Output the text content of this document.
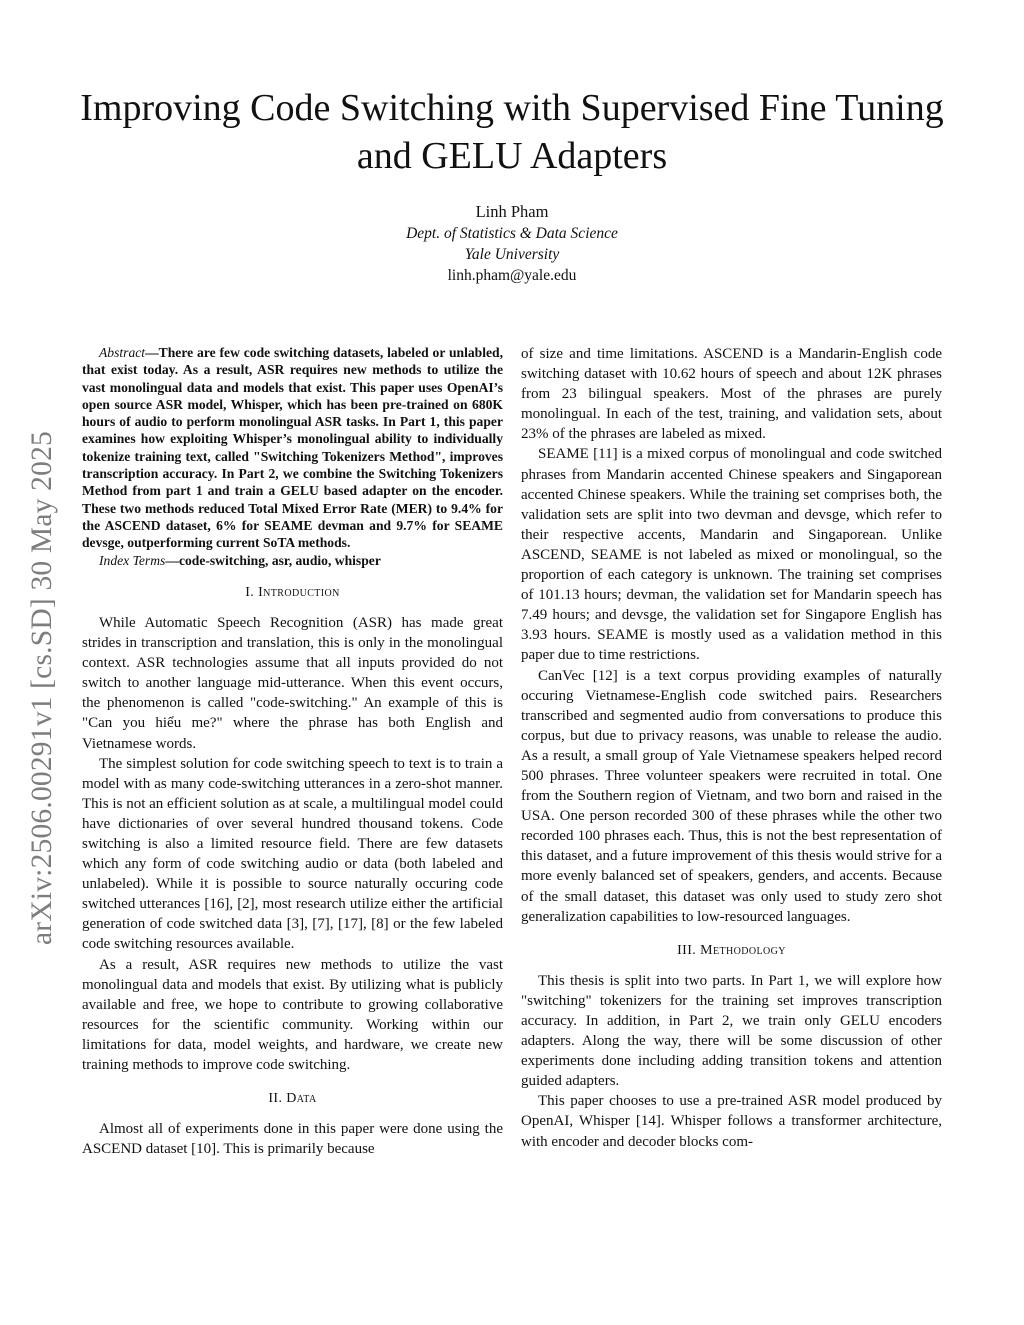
Improving Code Switching with Supervised Fine Tuning and GELU Adapters
Linh Pham
Dept. of Statistics & Data Science
Yale University
linh.pham@yale.edu
arXiv:2506.00291v1 [cs.SD] 30 May 2025

Abstract—There are few code switching datasets, labeled or unlabled, that exist today. As a result, ASR requires new methods to utilize the vast monolingual data and models that exist. This paper uses OpenAI’s open source ASR model, Whisper, which has been pre-trained on 680K hours of audio to perform monolingual ASR tasks. In Part 1, this paper examines how exploiting Whisper’s monolingual ability to individually tokenize training text, called "Switching Tokenizers Method", improves transcription accuracy. In Part 2, we combine the Switching Tokenizers Method from part 1 and train a GELU based adapter on the encoder. These two methods reduced Total Mixed Error Rate (MER) to 9.4% for the ASCEND dataset, 6% for SEAME devman and 9.7% for SEAME devsge, outperforming current SoTA methods.

Index Terms—code-switching, asr, audio, whisper

I. Introduction

While Automatic Speech Recognition (ASR) has made great strides in transcription and translation, this is only in the monolingual context. ASR technologies assume that all inputs provided do not switch to another language mid-utterance. When this event occurs, the phenomenon is called "code-switching." An example of this is "Can you hiểu me?" where the phrase has both English and Vietnamese words.

The simplest solution for code switching speech to text is to train a model with as many code-switching utterances in a zero-shot manner. This is not an efficient solution as at scale, a multilingual model could have dictionaries of over several hundred thousand tokens. Code switching is also a limited resource field. There are few datasets which any form of code switching audio or data (both labeled and unlabeled). While it is possible to source naturally occuring code switched utterances [16], [2], most research utilize either the artificial generation of code switched data [3], [7], [17], [8] or the few labeled code switching resources available.

As a result, ASR requires new methods to utilize the vast monolingual data and models that exist. By utilizing what is publicly available and free, we hope to contribute to growing collaborative resources for the scientific community. Working within our limitations for data, model weights, and hardware, we create new training methods to improve code switching.

II. Data

Almost all of experiments done in this paper were done using the ASCEND dataset [10]. This is primarily because

of size and time limitations. ASCEND is a Mandarin-English code switching dataset with 10.62 hours of speech and about 12K phrases from 23 bilingual speakers. Most of the phrases are purely monolingual. In each of the test, training, and validation sets, about 23% of the phrases are labeled as mixed.

SEAME [11] is a mixed corpus of monolingual and code switched phrases from Mandarin accented Chinese speakers and Singaporean accented Chinese speakers. While the training set comprises both, the validation sets are split into two devman and devsge, which refer to their respective accents, Mandarin and Singaporean. Unlike ASCEND, SEAME is not labeled as mixed or monolingual, so the proportion of each category is unknown. The training set comprises of 101.13 hours; devman, the validation set for Mandarin speech has 7.49 hours; and devsge, the validation set for Singapore English has 3.93 hours. SEAME is mostly used as a validation method in this paper due to time restrictions.

CanVec [12] is a text corpus providing examples of naturally occuring Vietnamese-English code switched pairs. Researchers transcribed and segmented audio from conversations to produce this corpus, but due to privacy reasons, was unable to release the audio. As a result, a small group of Yale Vietnamese speakers helped record 500 phrases. Three volunteer speakers were recruited in total. One from the Southern region of Vietnam, and two born and raised in the USA. One person recorded 300 of these phrases while the other two recorded 100 phrases each. Thus, this is not the best representation of this dataset, and a future improvement of this thesis would strive for a more evenly balanced set of speakers, genders, and accents. Because of the small dataset, this dataset was only used to study zero shot generalization capabilities to low-resourced languages.

III. Methodology

This thesis is split into two parts. In Part 1, we will explore how "switching" tokenizers for the training set improves transcription accuracy. In addition, in Part 2, we train only GELU encoders adapters. Along the way, there will be some discussion of other experiments done including adding transition tokens and attention guided adapters.

This paper chooses to use a pre-trained ASR model produced by OpenAI, Whisper [14]. Whisper follows a transformer architecture, with encoder and decoder blocks com-
